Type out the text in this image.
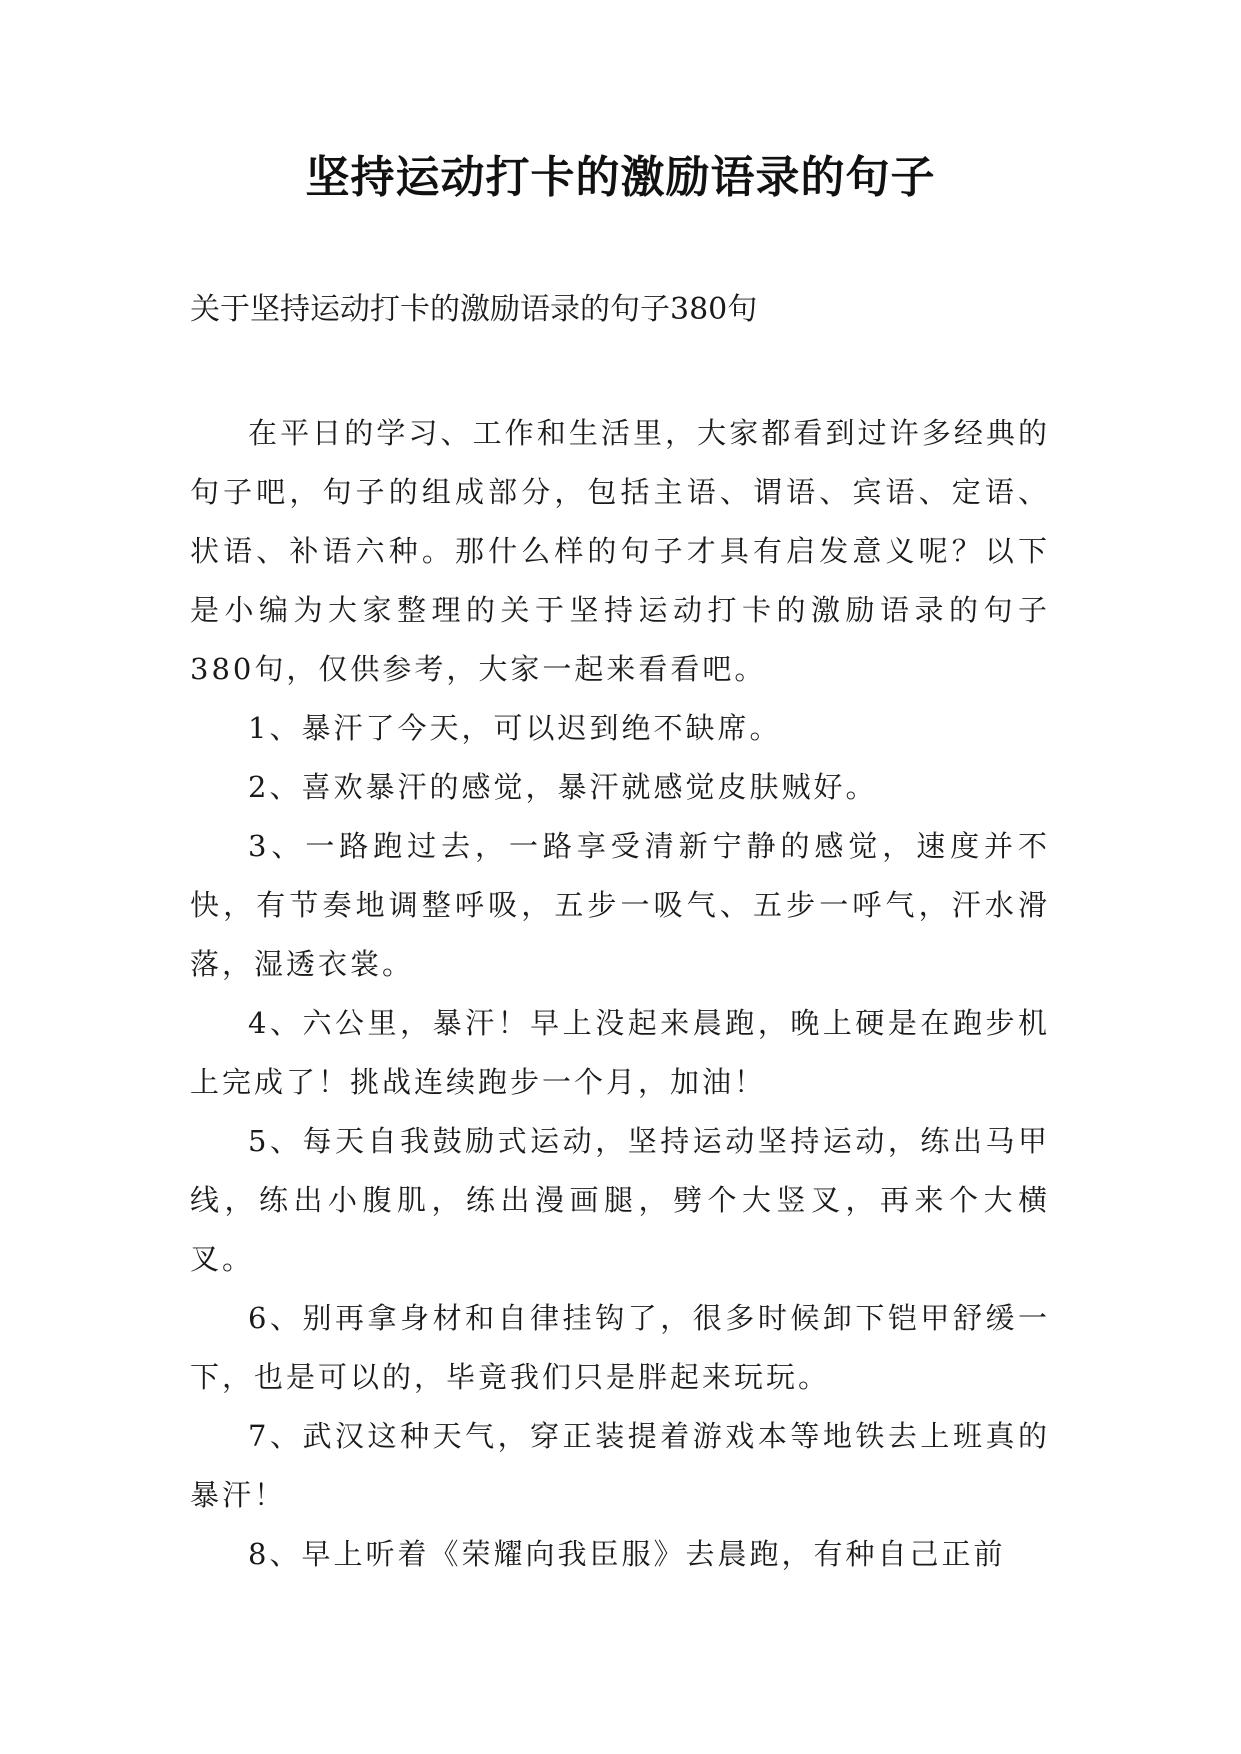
坚持运动打卡的激励语录的句子
关于坚持运动打卡的激励语录的句子380句

在平日的学习、工作和生活里，大家都看到过许多经典的句子吧，句子的组成部分，包括主语、谓语、宾语、定语、状语、补语六种。那什么样的句子才具有启发意义呢？以下是小编为大家整理的关于坚持运动打卡的激励语录的句子380句，仅供参考，大家一起来看看吧。

1、暴汗了今天，可以迟到绝不缺席。

2、喜欢暴汗的感觉，暴汗就感觉皮肤贼好。

3、一路跑过去，一路享受清新宁静的感觉，速度并不快，有节奏地调整呼吸，五步一吸气、五步一呼气，汗水滑落，湿透衣裳。

4、六公里，暴汗！早上没起来晨跑，晚上硬是在跑步机上完成了！挑战连续跑步一个月，加油！

5、每天自我鼓励式运动，坚持运动坚持运动，练出马甲线，练出小腹肌，练出漫画腿，劈个大竖叉，再来个大横叉。

6、别再拿身材和自律挂钩了，很多时候卸下铠甲舒缓一下，也是可以的，毕竟我们只是胖起来玩玩。

7、武汉这种天气，穿正装提着游戏本等地铁去上班真的暴汗！

8、早上听着《荣耀向我臣服》去晨跑，有种自己正前
